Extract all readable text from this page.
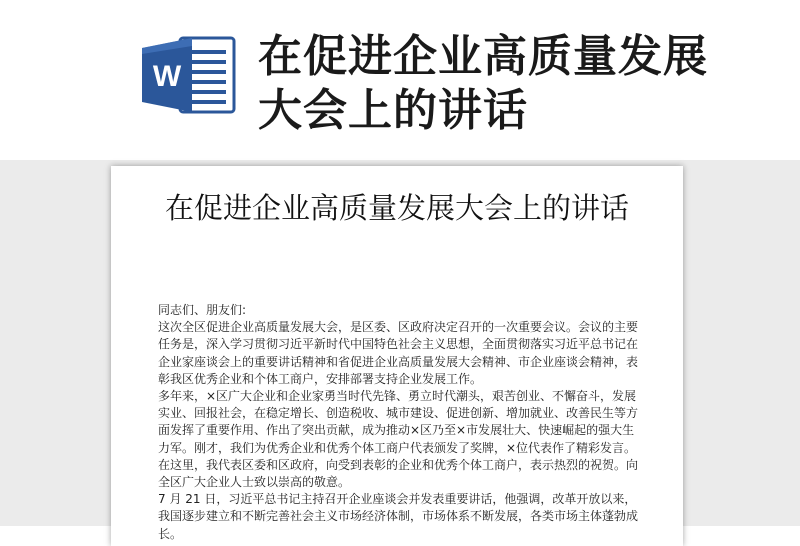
W 在促进企业高质量发展大会上的讲话
在促进企业高质量发展大会上的讲话

同志们、朋友们:

这次全区促进企业高质量发展大会，是区委、区政府决定召开的一次重要会议。会议的主要任务是，深入学习贯彻习近平新时代中国特色社会主义思想，全面贯彻落实习近平总书记在企业家座谈会上的重要讲话精神和省促进企业高质量发展大会精神、市企业座谈会精神，表彰我区优秀企业和个体工商户，安排部署支持企业发展工作。

多年来，×区广大企业和企业家勇当时代先锋、勇立时代潮头，艰苦创业、不懈奋斗，发展实业、回报社会，在稳定增长、创造税收、城市建设、促进创新、增加就业、改善民生等方面发挥了重要作用、作出了突出贡献，成为推动×区乃至×市发展壮大、快速崛起的强大生力军。刚才，我们为优秀企业和优秀个体工商户代表颁发了奖牌，×位代表作了精彩发言。在这里，我代表区委和区政府，向受到表彰的企业和优秀个体工商户，表示热烈的祝贺。向全区广大企业人士致以崇高的敬意。

7 月 21 日，习近平总书记主持召开企业座谈会并发表重要讲话，他强调，改革开放以来，我国逐步建立和不断完善社会主义市场经济体制，市场体系不断发展，各类市场主体蓬勃成长。
